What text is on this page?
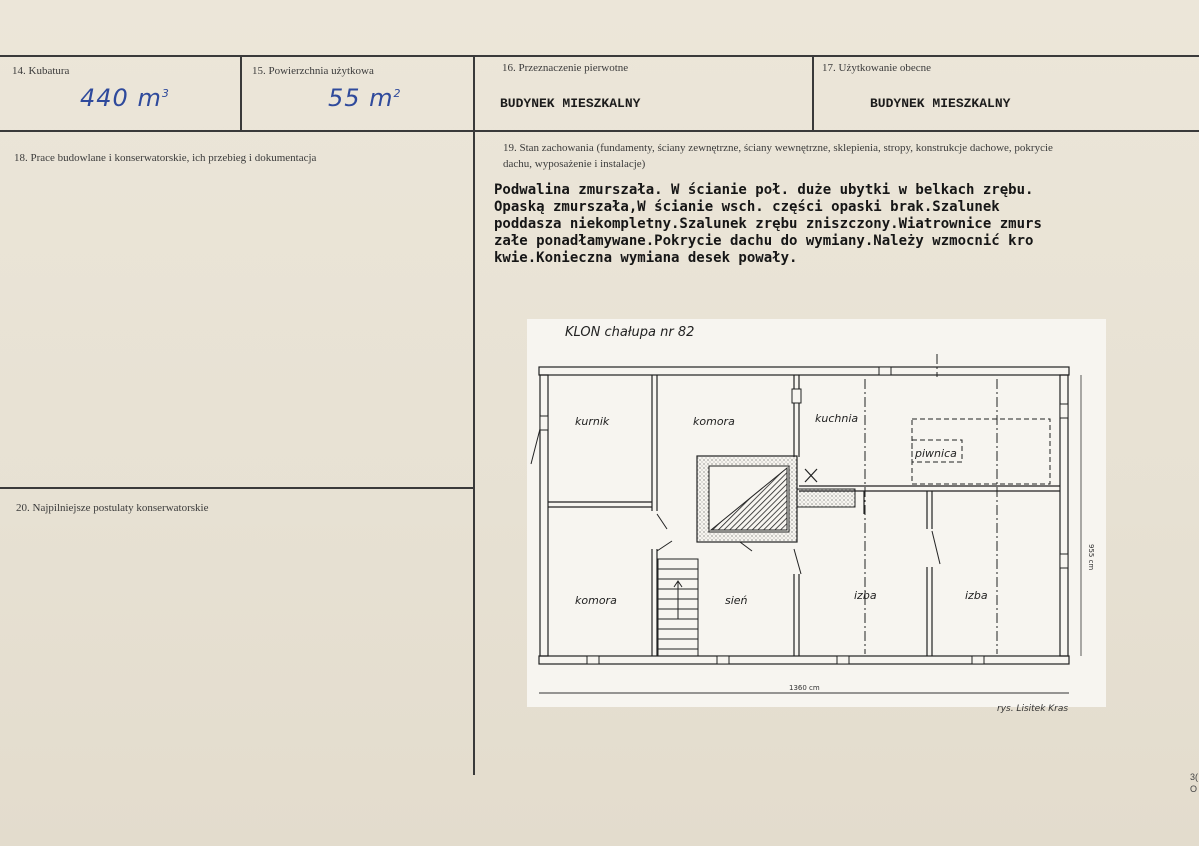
14. Kubatura
440 $m^3$
15. Powierzchnia użytkowa
55 $m^2$
16. Przeznaczenie pierwotne
BUDYNEK MIESZKALNY
17. Użytkowanie obecne
BUDYNEK MIESZKALNY
18. Prace budowlane i konserwatorskie, ich przebieg i dokumentacja
19. Stan zachowania (fundamenty, ściany zewnętrzne, ściany wewnętrzne, sklepienia, stropy, konstrukcje dachowe, pokrycie dachu, wyposażenie i instalacje)
Podwalina zmurszała. W ścianie poł. duże ubytki w belkach zrębu.
Opaską zmurszała,W ścianie wsch. części opaski brak.Szalunek
poddasza niekompletny.Szalunek zrębu zniszczony.Wiatrownice zmurs
załe ponadłamywane.Pokrycie dachu do wymiany.Należy wzmocnić kro
kwie.Konieczna wymiana desek powały.
20. Najpilniejsze postulaty konserwatorskie
KLON chałupa nr 82
kurnik	komora	kuchnia
piwnica
komora	sień	izba	izba
1360 cm
955 cm
rys. Lisitek Kras
3(
O
